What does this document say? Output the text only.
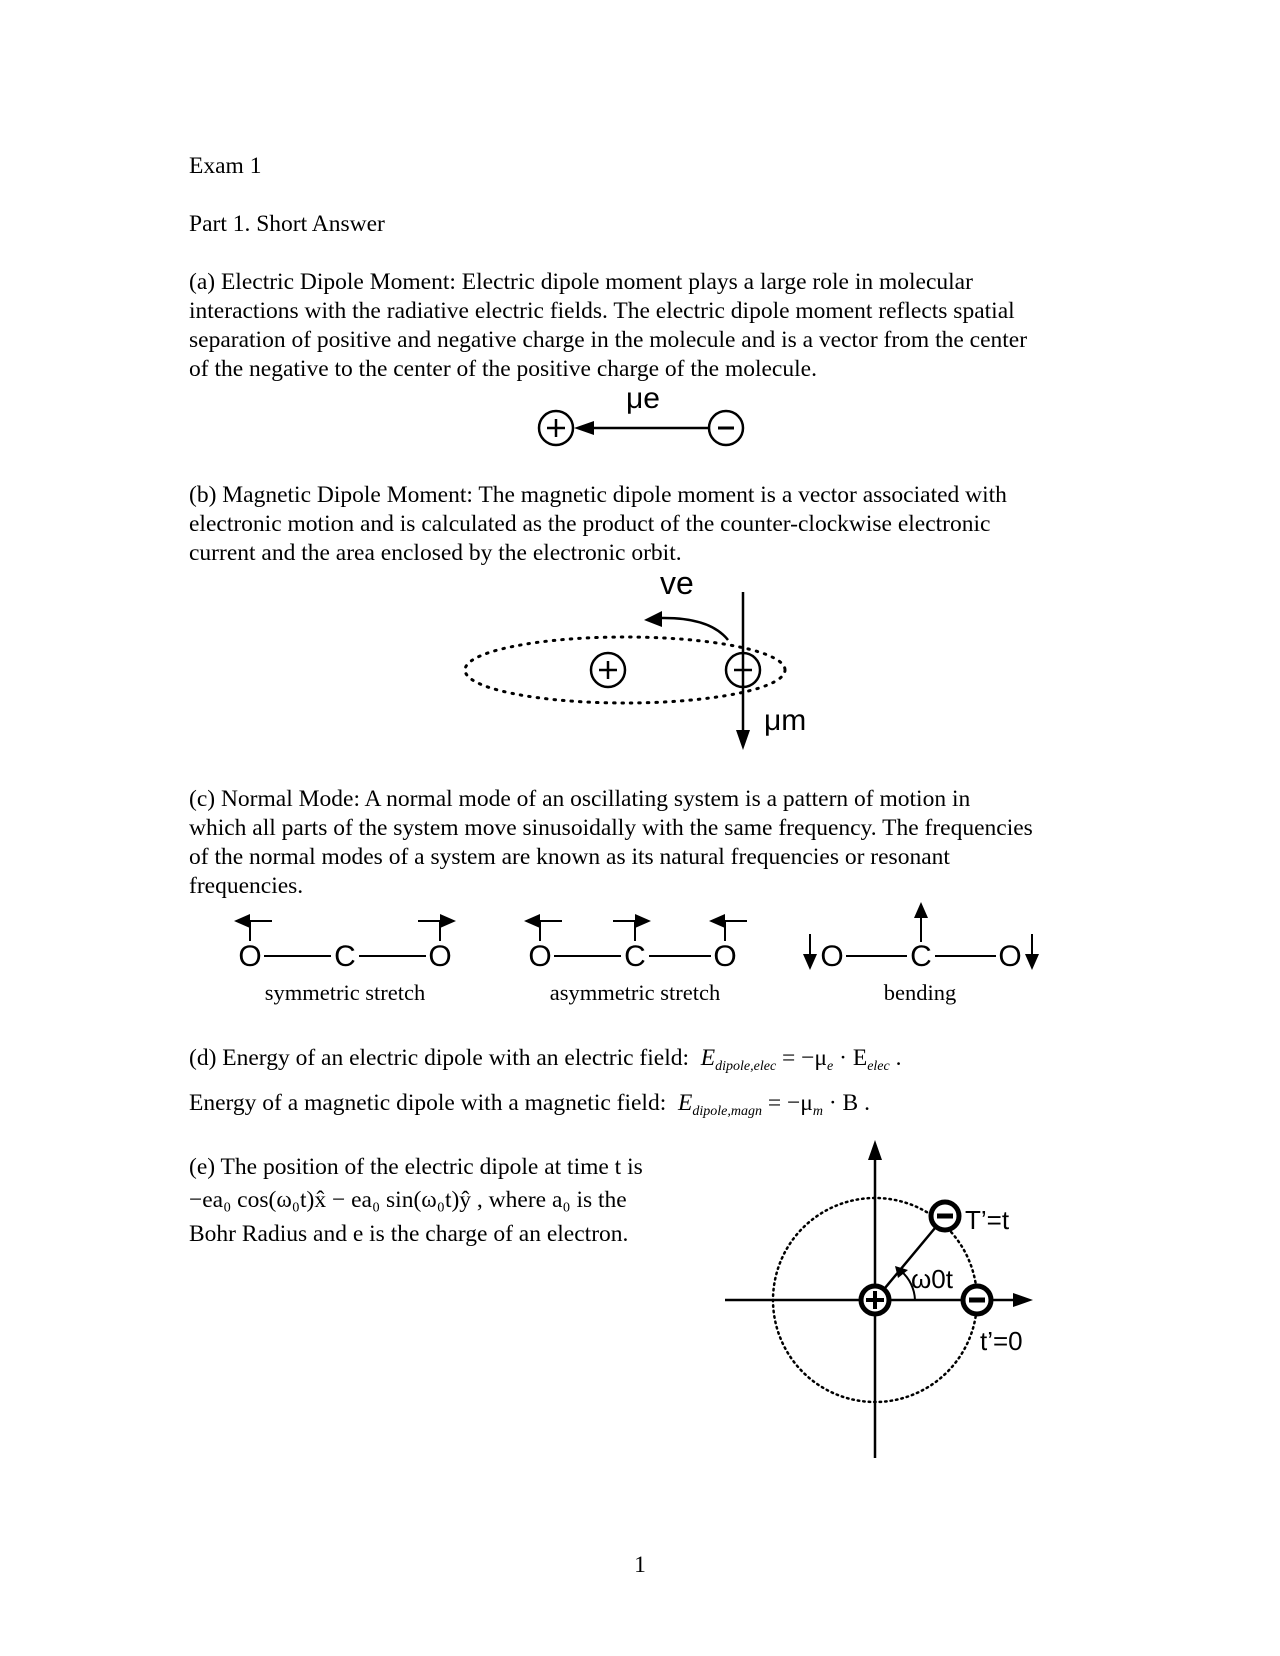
Exam 1
Part 1. Short Answer
(a) Electric Dipole Moment: Electric dipole moment plays a large role in molecular
interactions with the radiative electric fields. The electric dipole moment reflects spatial
separation of positive and negative charge in the molecule and is a vector from the center
of the negative to the center of the positive charge of the molecule.
μe
(b) Magnetic Dipole Moment: The magnetic dipole moment is a vector associated with
electronic motion and is calculated as the product of the counter-clockwise electronic
current and the area enclosed by the electronic orbit.
ve
μm
(c) Normal Mode: A normal mode of an oscillating system is a pattern of motion in
which all parts of the system move sinusoidally with the same frequency. The frequencies
of the normal modes of a system are known as its natural frequencies or resonant
frequencies.
O C O	O C O	O C O
symmetric stretch	asymmetric stretch	bending
(d) Energy of an electric dipole with an electric field: $E_{dipole,elec} = -\mu_e \cdot E_{elec}$ .
Energy of a magnetic dipole with a magnetic field: $E_{dipole,magn} = -\mu_m \cdot B$ .
(e) The position of the electric dipole at time t is
−ea₀ cos(ω₀t)x̂ − ea₀ sin(ω₀t)ŷ , where a₀ is the
Bohr Radius and e is the charge of an electron.	T’=t
ω0t
t’=0
1
